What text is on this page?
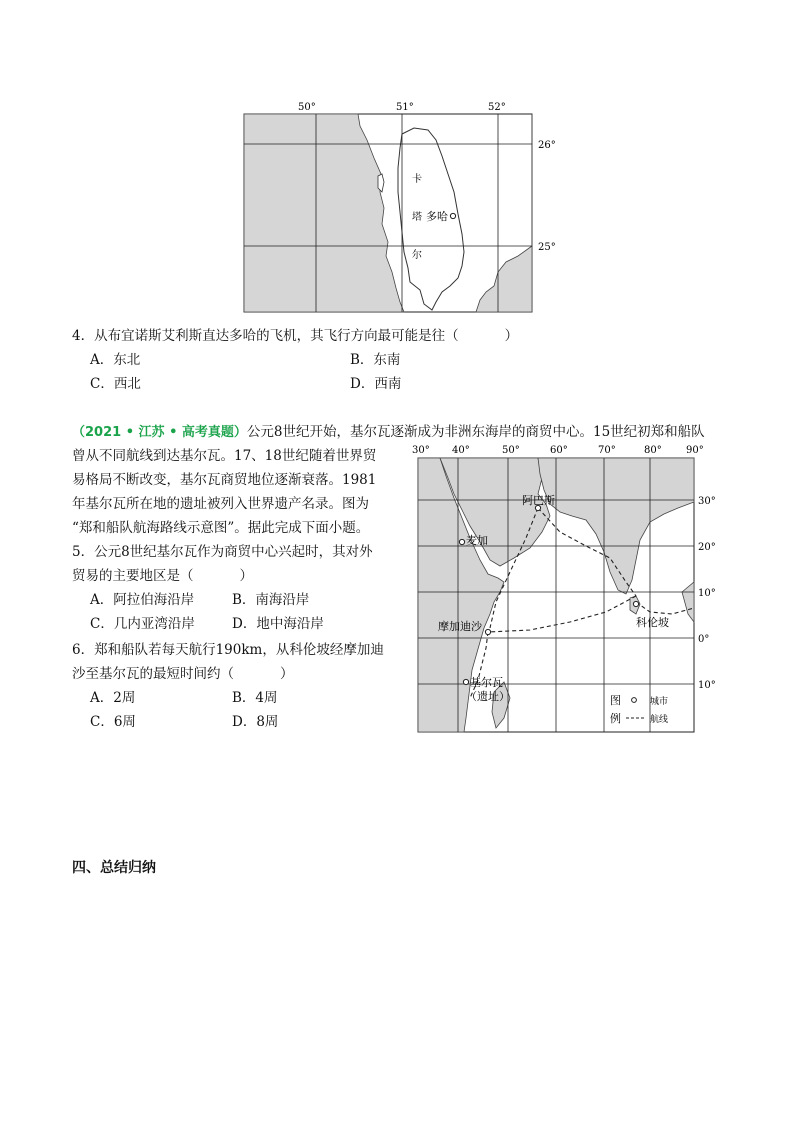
50°	51°	52°
26°
25°
卡
塔
尔
多哈
4．从布宜诺斯艾利斯直达多哈的飞机，其飞行方向最可能是往（	）
A．东北	B．东南
C．西北	D．西南
（2021 • 江苏 • 高考真题）公元8世纪开始，基尔瓦逐渐成为非洲东海岸的商贸中心。15世纪初郑和船队
曾从不同航线到达基尔瓦。17、18世纪随着世界贸
易格局不断改变，基尔瓦商贸地位逐渐衰落。1981
年基尔瓦所在地的遗址被列入世界遗产名录。图为
“郑和船队航海路线示意图”。据此完成下面小题。
5．公元8世纪基尔瓦作为商贸中心兴起时，其对外
贸易的主要地区是（	）
A．阿拉伯海沿岸	B．南海沿岸
C．几内亚湾沿岸	D．地中海沿岸
6．郑和船队若每天航行190km，从科伦坡经摩加迪
沙至基尔瓦的最短时间约（	）
A．2周	B．4周
C．6周	D．8周
30° 40°	50°	60°	70°	80° 90°
30°
20°
10°
0°
10°
阿巴斯
麦加
摩加迪沙
基尔瓦
（遗址）
科伦坡
图
例
城市
航线
四、总结归纳
